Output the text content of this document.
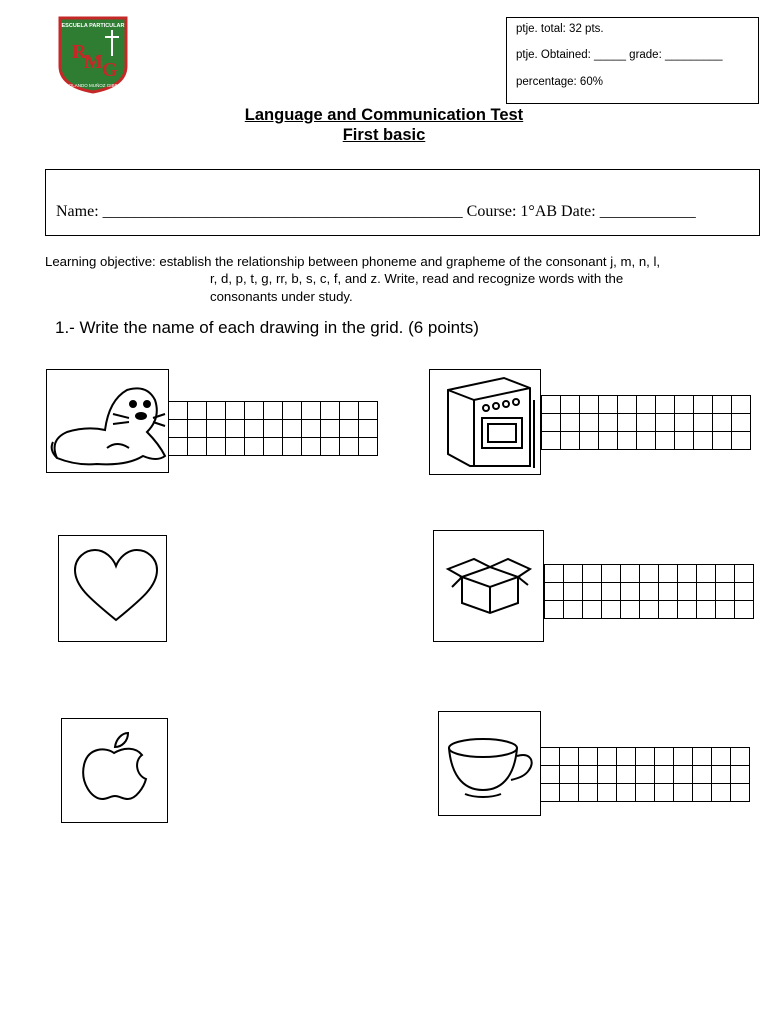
ESCUELA PARTICULAR
R
M G
ROLANDO MUÑOZ GIBBS
ptje. total: 32 pts.
ptje. Obtained: _____ grade: _________
percentage: 60%
Language and Communication Test
First basic
Name: _____________________________________________ Course: 1°AB Date: ____________
Learning objective: establish the relationship between phoneme and grapheme of the consonant j, m, n, l,
r, d, p, t, g, rr, b, s, c, f, and z. Write, read and recognize words with the
consonants under study.
1.- Write the name of each drawing in the grid. (6 points)
